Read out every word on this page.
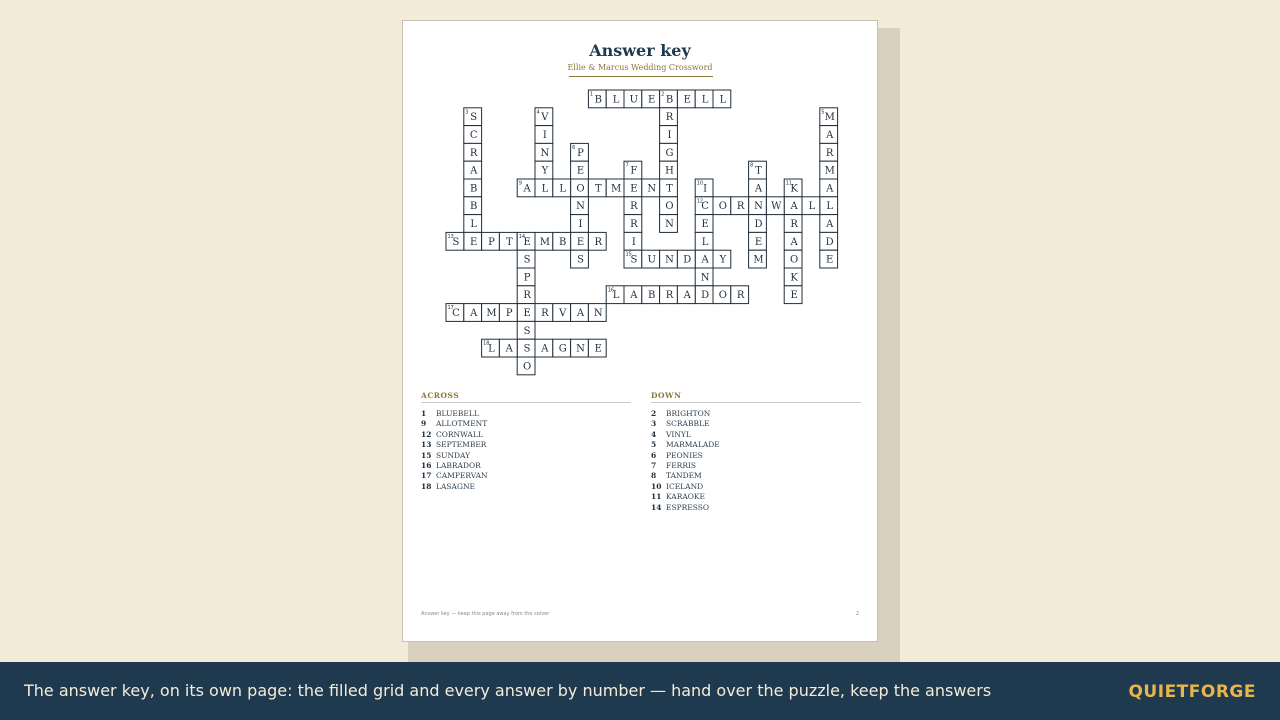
Answer key
Ellie & Marcus Wedding Crossword
B
1 L U E B
2 E L L
R
I
G
H
T
O
N
S
3
C
R
A
B
B
L
E
V
4
I
N
Y
L
M
5
A
R
M
A
L
A
D
E
P
6
E
O
N
I
E
S
F
7
E
R
R
I
S
15
T
8
A
N
D
E
M
A
9	L	T M	N	I
10
C
12
E
L
A
N
D
K
11
A
R
A
O
K
E
O R	W	L
S
13	P T E
14 M B	R
S
P
R
E
S
S
O
U N D	Y
L
16 A B R A	O R
C
17 A M P	R V A N
L
18 A	A G N E
ACROSS
1 BLUEBELL
9 ALLOTMENT
12 CORNWALL
13 SEPTEMBER
15 SUNDAY
16 LABRADOR
17 CAMPERVAN
18 LASAGNE
DOWN
2 BRIGHTON
3 SCRABBLE
4 VINYL
5 MARMALADE
6 PEONIES
7 FERRIS
8 TANDEM
10 ICELAND
11 KARAOKE
14 ESPRESSO
Answer key — keep this page away from the solver	2
The answer key, on its own page: the filled grid and every answer by number — hand over the puzzle, keep the answers	QUIETFORGE
